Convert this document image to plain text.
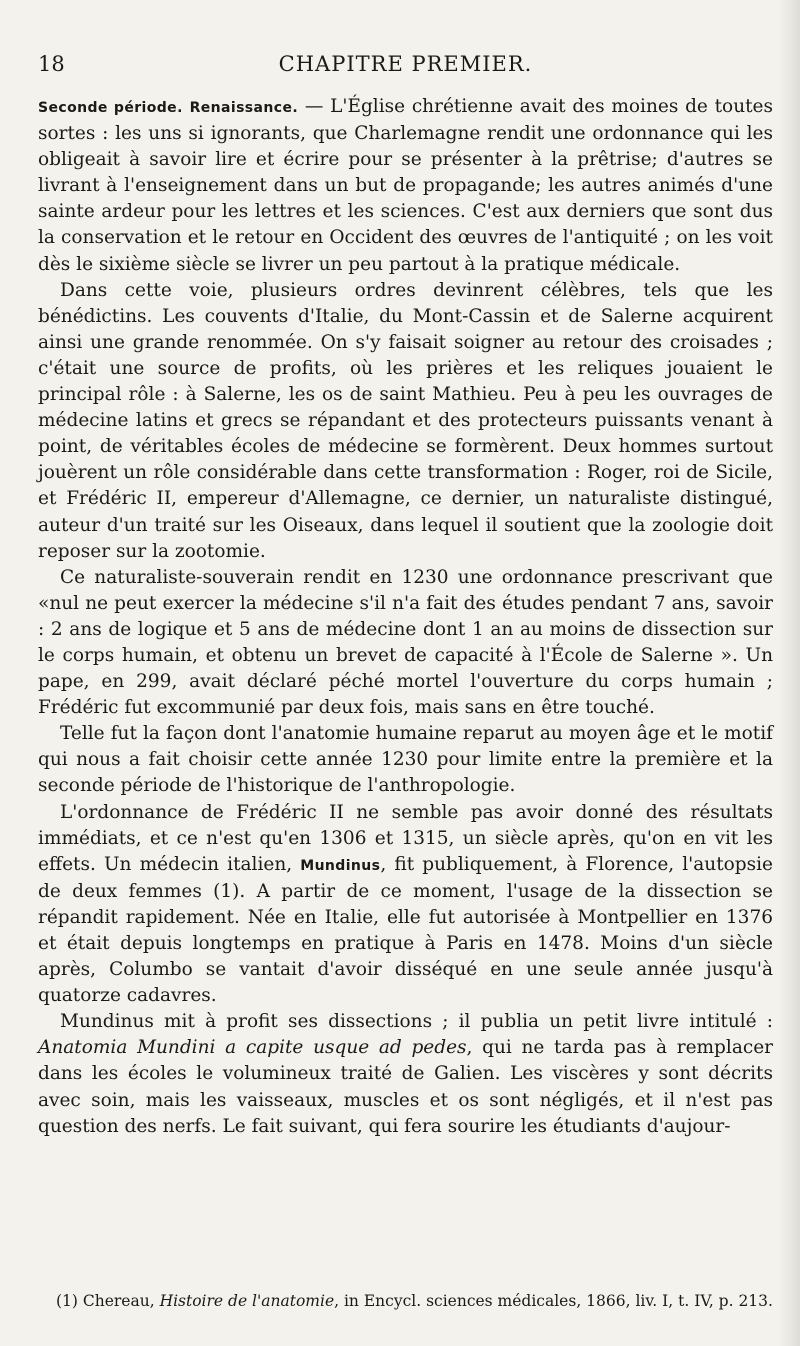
18	CHAPITRE PREMIER.

Seconde période. Renaissance. — L'Église chrétienne avait des moines de toutes sortes : les uns si ignorants, que Charlemagne rendit une ordonnance qui les obligeait à savoir lire et écrire pour se présenter à la prêtrise; d'autres se livrant à l'enseignement dans un but de propagande; les autres animés d'une sainte ardeur pour les lettres et les sciences. C'est aux derniers que sont dus la conservation et le retour en Occident des œuvres de l'antiquité ; on les voit dès le sixième siècle se livrer un peu partout à la pratique médicale.

Dans cette voie, plusieurs ordres devinrent célèbres, tels que les bénédictins. Les couvents d'Italie, du Mont-Cassin et de Salerne acquirent ainsi une grande renommée. On s'y faisait soigner au retour des croisades ; c'était une source de profits, où les prières et les reliques jouaient le principal rôle : à Salerne, les os de saint Mathieu. Peu à peu les ouvrages de médecine latins et grecs se répandant et des protecteurs puissants venant à point, de véritables écoles de médecine se formèrent. Deux hommes surtout jouèrent un rôle considérable dans cette transformation : Roger, roi de Sicile, et Frédéric II, empereur d'Allemagne, ce dernier, un naturaliste distingué, auteur d'un traité sur les Oiseaux, dans lequel il soutient que la zoologie doit reposer sur la zootomie.

Ce naturaliste-souverain rendit en 1230 une ordonnance prescrivant que «nul ne peut exercer la médecine s'il n'a fait des études pendant 7 ans, savoir : 2 ans de logique et 5 ans de médecine dont 1 an au moins de dissection sur le corps humain, et obtenu un brevet de capacité à l'École de Salerne ». Un pape, en 299, avait déclaré péché mortel l'ouverture du corps humain ; Frédéric fut excommunié par deux fois, mais sans en être touché.

Telle fut la façon dont l'anatomie humaine reparut au moyen âge et le motif qui nous a fait choisir cette année 1230 pour limite entre la première et la seconde période de l'historique de l'anthropologie.

L'ordonnance de Frédéric II ne semble pas avoir donné des résultats immédiats, et ce n'est qu'en 1306 et 1315, un siècle après, qu'on en vit les effets. Un médecin italien, Mundinus, fit publiquement, à Florence, l'autopsie de deux femmes (1). A partir de ce moment, l'usage de la dissection se répandit rapidement. Née en Italie, elle fut autorisée à Montpellier en 1376 et était depuis longtemps en pratique à Paris en 1478. Moins d'un siècle après, Columbo se vantait d'avoir disséqué en une seule année jusqu'à quatorze cadavres.

Mundinus mit à profit ses dissections ; il publia un petit livre intitulé : Anatomia Mundini a capite usque ad pedes, qui ne tarda pas à remplacer dans les écoles le volumineux traité de Galien. Les viscères y sont décrits avec soin, mais les vaisseaux, muscles et os sont négligés, et il n'est pas question des nerfs. Le fait suivant, qui fera sourire les étudiants d'aujour-

(1) Chereau, Histoire de l'anatomie, in Encycl. sciences médicales, 1866, liv. I, t. IV, p. 213.
